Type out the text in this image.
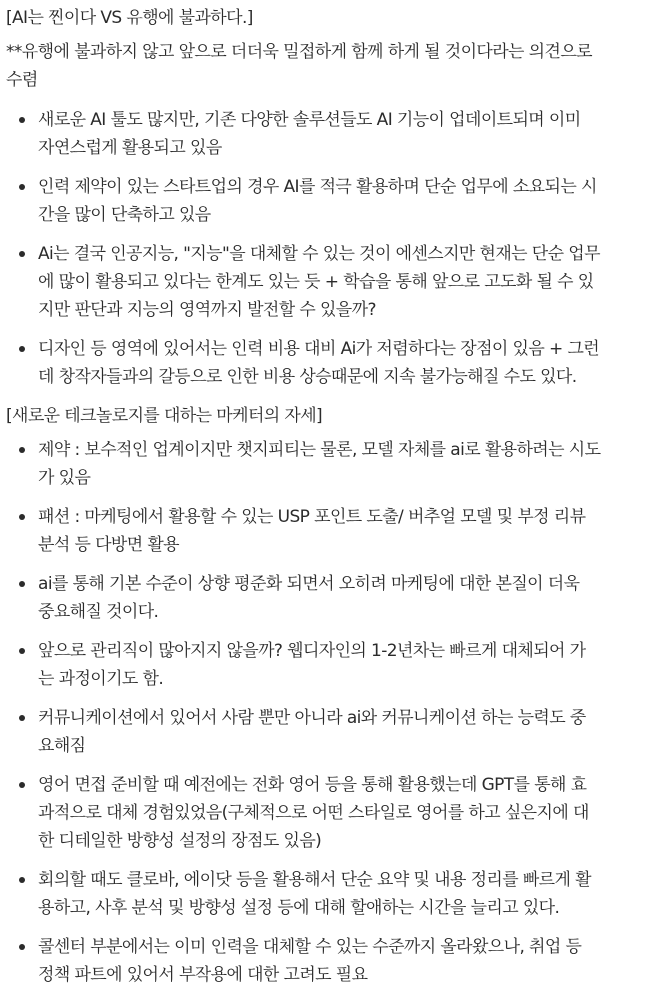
[AI는 찐이다 VS 유행에 불과하다.]

**유행에 불과하지 않고 앞으로 더더욱 밀접하게 함께 하게 될 것이다라는 의견으로

수렴

새로운 AI 툴도 많지만, 기존 다양한 솔루션들도 AI 기능이 업데이트되며 이미

자연스럽게 활용되고 있음

인력 제약이 있는 스타트업의 경우 AI를 적극 활용하며 단순 업무에 소요되는 시

간을 많이 단축하고 있음

Ai는 결국 인공지능, "지능"을 대체할 수 있는 것이 에센스지만 현재는 단순 업무

에 많이 활용되고 있다는 한계도 있는 듯 + 학습을 통해 앞으로 고도화 될 수 있

지만 판단과 지능의 영역까지 발전할 수 있을까?

디자인 등 영역에 있어서는 인력 비용 대비 Ai가 저렴하다는 장점이 있음 + 그런

데 창작자들과의 갈등으로 인한 비용 상승때문에 지속 불가능해질 수도 있다.

[새로운 테크놀로지를 대하는 마케터의 자세]

제약 : 보수적인 업계이지만 챗지피티는 물론, 모델 자체를 ai로 활용하려는 시도

가 있음

패션 : 마케팅에서 활용할 수 있는 USP 포인트 도출/ 버추얼 모델 및 부정 리뷰

분석 등 다방면 활용

ai를 통해 기본 수준이 상향 평준화 되면서 오히려 마케팅에 대한 본질이 더욱

중요해질 것이다.

앞으로 관리직이 많아지지 않을까? 웹디자인의 1-2년차는 빠르게 대체되어 가

는 과정이기도 함.

커뮤니케이션에서 있어서 사람 뿐만 아니라 ai와 커뮤니케이션 하는 능력도 중

요해짐

영어 면접 준비할 때 예전에는 전화 영어 등을 통해 활용했는데 GPT를 통해 효

과적으로 대체 경험있었음(구체적으로 어떤 스타일로 영어를 하고 싶은지에 대

한 디테일한 방향성 설정의 장점도 있음)

회의할 때도 클로바, 에이닷 등을 활용해서 단순 요약 및 내용 정리를 빠르게 활

용하고, 사후 분석 및 방향성 설정 등에 대해 할애하는 시간을 늘리고 있다.

콜센터 부분에서는 이미 인력을 대체할 수 있는 수준까지 올라왔으나, 취업 등

정책 파트에 있어서 부작용에 대한 고려도 필요
